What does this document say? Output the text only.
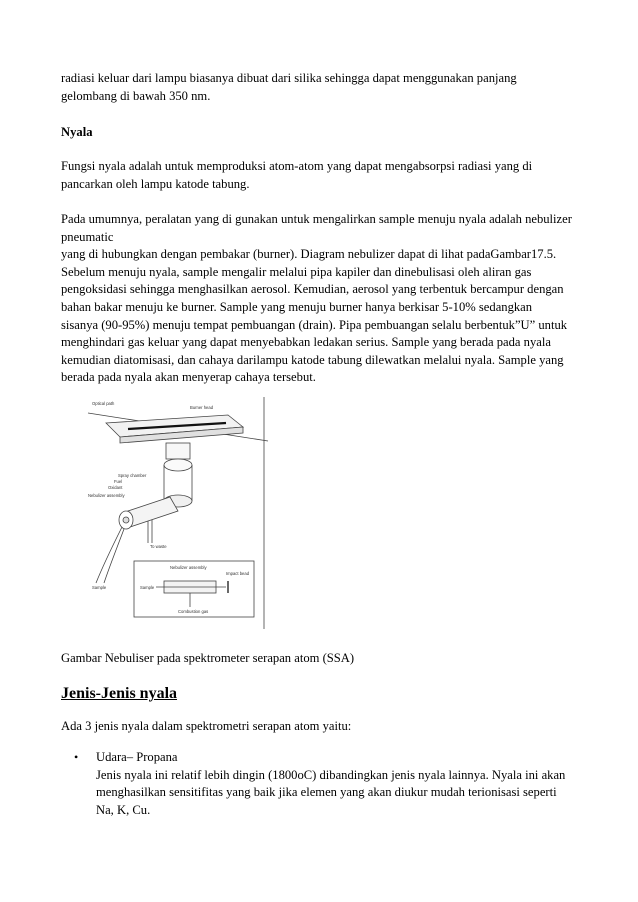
radiasi keluar dari lampu biasanya dibuat dari silika sehingga dapat menggunakan panjang
gelombang di bawah 350 nm.

Nyala

Fungsi nyala adalah untuk memproduksi atom-atom yang dapat mengabsorpsi radiasi yang di
pancarkan oleh lampu katode tabung.

Pada umumnya, peralatan yang di gunakan untuk mengalirkan sample menuju nyala adalah nebulizer
pneumatic
yang di hubungkan dengan pembakar (burner). Diagram nebulizer dapat di lihat padaGambar17.5.
Sebelum menuju nyala, sample mengalir melalui pipa kapiler dan dinebulisasi oleh aliran gas
pengoksidasi sehingga menghasilkan aerosol. Kemudian, aerosol yang terbentuk bercampur dengan
bahan bakar menuju ke burner. Sample yang menuju burner hanya berkisar 5-10% sedangkan
sisanya (90-95%) menuju tempat pembuangan (drain). Pipa pembuangan selalu berbentuk”U” untuk
menghindari gas keluar yang dapat menyebabkan ledakan serius. Sample yang berada pada nyala
kemudian diatomisasi, dan cahaya darilampu katode tabung dilewatkan melalui nyala. Sample yang
berada pada nyala akan menyerap cahaya tersebut.

Optical path
Burner head
Spray chamber
Fuel
Oxidant
Nebulizer assembly
To waste
Sample
Nebulizer assembly
Impact bead
Sample
Combustion gas

Gambar Nebuliser pada spektrometer serapan atom (SSA)

Jenis-Jenis nyala

Ada 3 jenis nyala dalam spektrometri serapan atom yaitu:

• Udara– Propana
Jenis nyala ini relatif lebih dingin (1800oC) dibandingkan jenis nyala lainnya. Nyala ini akan
menghasilkan sensitifitas yang baik jika elemen yang akan diukur mudah terionisasi seperti
Na, K, Cu.
